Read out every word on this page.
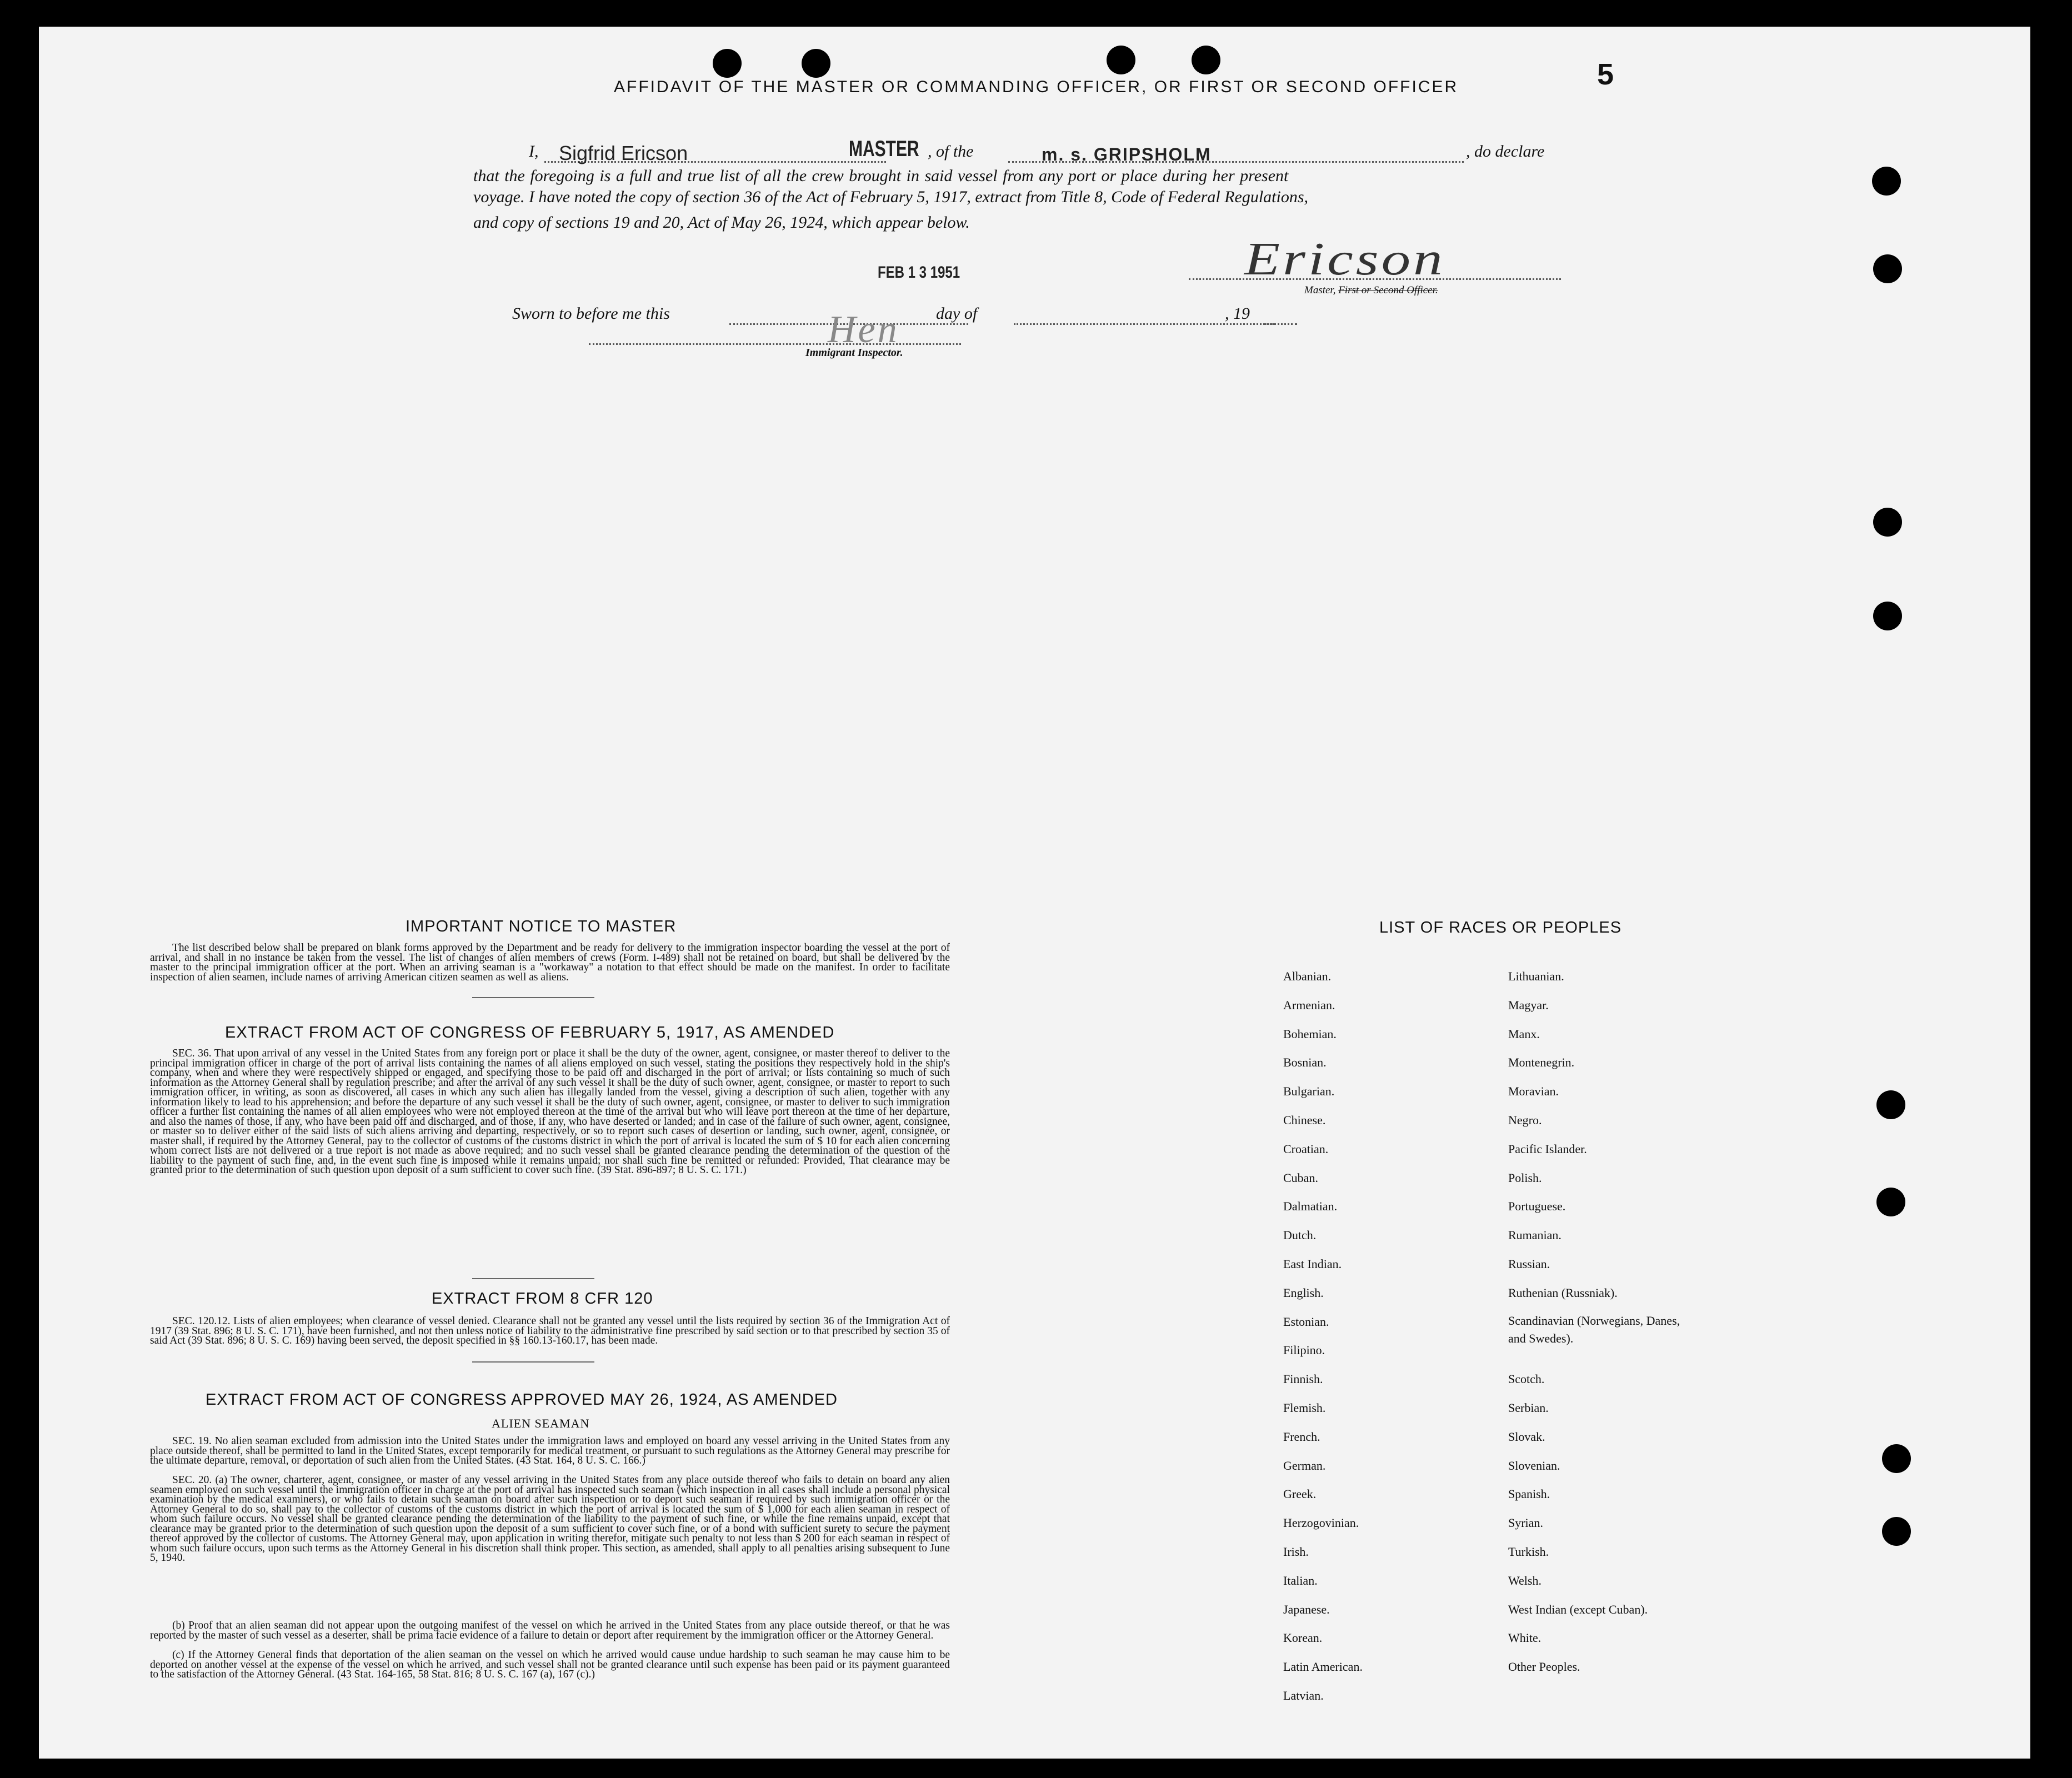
5
AFFIDAVIT OF THE MASTER OR COMMANDING OFFICER, OR FIRST OR SECOND OFFICER
I, Sigfrid Ericson	MASTER , of the	m. s. GRIPSHOLM	, do declare
that the foregoing is a full and true list of all the crew brought in said vessel from any port or place during her present
voyage. I have noted the copy of section 36 of the Act of February 5, 1917, extract from Title 8, Code of Federal Regulations,
and copy of sections 19 and 20, Act of May 26, 1924, which appear below.
Ericson
Master, First or Second Officer.
Sworn to before me this
FEB 1 3 1951
day of	, 19
Hen
Immigrant Inspector.
IMPORTANT NOTICE TO MASTER

The list described below shall be prepared on blank forms approved by the Department and be ready for delivery to the immigration inspector boarding the vessel at the port of arrival, and shall in no instance be taken from the vessel. The list of changes of alien members of crews (Form. I-489) shall not be retained on board, but shall be delivered by the master to the principal immigration officer at the port. When an arriving seaman is a "workaway" a notation to that effect should be made on the manifest. In order to facilitate inspection of alien seamen, include names of arriving American citizen seamen as well as aliens.

EXTRACT FROM ACT OF CONGRESS OF FEBRUARY 5, 1917, AS AMENDED

SEC. 36. That upon arrival of any vessel in the United States from any foreign port or place it shall be the duty of the owner, agent, consignee, or master thereof to deliver to the principal immigration officer in charge of the port of arrival lists containing the names of all aliens employed on such vessel, stating the positions they respectively hold in the ship's company, when and where they were respectively shipped or engaged, and specifying those to be paid off and discharged in the port of arrival; or lists containing so much of such information as the Attorney General shall by regulation prescribe; and after the arrival of any such vessel it shall be the duty of such owner, agent, consignee, or master to report to such immigration officer, in writing, as soon as discovered, all cases in which any such alien has illegally landed from the vessel, giving a description of such alien, together with any information likely to lead to his apprehension; and before the departure of any such vessel it shall be the duty of such owner, agent, consignee, or master to deliver to such immigration officer a further list containing the names of all alien employees who were not employed thereon at the time of the arrival but who will leave port thereon at the time of her departure, and also the names of those, if any, who have been paid off and discharged, and of those, if any, who have deserted or landed; and in case of the failure of such owner, agent, consignee, or master so to deliver either of the said lists of such aliens arriving and departing, respectively, or so to report such cases of desertion or landing, such owner, agent, consignee, or master shall, if required by the Attorney General, pay to the collector of customs of the customs district in which the port of arrival is located the sum of $ 10 for each alien concerning whom correct lists are not delivered or a true report is not made as above required; and no such vessel shall be granted clearance pending the determination of the question of the liability to the payment of such fine, and, in the event such fine is imposed while it remains unpaid; nor shall such fine be remitted or refunded: Provided, That clearance may be granted prior to the determination of such question upon deposit of a sum sufficient to cover such fine. (39 Stat. 896-897; 8 U. S. C. 171.)

EXTRACT FROM 8 CFR 120

SEC. 120.12. Lists of alien employees; when clearance of vessel denied. Clearance shall not be granted any vessel until the lists required by section 36 of the Immigration Act of 1917 (39 Stat. 896; 8 U. S. C. 171), have been furnished, and not then unless notice of liability to the administrative fine prescribed by said section or to that prescribed by section 35 of said Act (39 Stat. 896; 8 U. S. C. 169) having been served, the deposit specified in §§ 160.13-160.17, has been made.

EXTRACT FROM ACT OF CONGRESS APPROVED MAY 26, 1924, AS AMENDED
ALIEN SEAMAN

SEC. 19. No alien seaman excluded from admission into the United States under the immigration laws and employed on board any vessel arriving in the United States from any place outside thereof, shall be permitted to land in the United States, except temporarily for medical treatment, or pursuant to such regulations as the Attorney General may prescribe for the ultimate departure, removal, or deportation of such alien from the United States. (43 Stat. 164, 8 U. S. C. 166.)

SEC. 20. (a) The owner, charterer, agent, consignee, or master of any vessel arriving in the United States from any place outside thereof who fails to detain on board any alien seamen employed on such vessel until the immigration officer in charge at the port of arrival has inspected such seaman (which inspection in all cases shall include a personal physical examination by the medical examiners), or who fails to detain such seaman on board after such inspection or to deport such seaman if required by such immigration officer or the Attorney General to do so, shall pay to the collector of customs of the customs district in which the port of arrival is located the sum of $ 1,000 for each alien seaman in respect of whom such failure occurs. No vessel shall be granted clearance pending the determination of the liability to the payment of such fine, or while the fine remains unpaid, except that clearance may be granted prior to the determination of such question upon the deposit of a sum sufficient to cover such fine, or of a bond with sufficient surety to secure the payment thereof approved by the collector of customs. The Attorney General may, upon application in writing therefor, mitigate such penalty to not less than $ 200 for each seaman in respect of whom such failure occurs, upon such terms as the Attorney General in his discretion shall think proper. This section, as amended, shall apply to all penalties arising subsequent to June 5, 1940.

(b) Proof that an alien seaman did not appear upon the outgoing manifest of the vessel on which he arrived in the United States from any place outside thereof, or that he was reported by the master of such vessel as a deserter, shall be prima facie evidence of a failure to detain or deport after requirement by the immigration officer or the Attorney General.

(c) If the Attorney General finds that deportation of the alien seaman on the vessel on which he arrived would cause undue hardship to such seaman he may cause him to be deported on another vessel at the expense of the vessel on which he arrived, and such vessel shall not be granted clearance until such expense has been paid or its payment guaranteed to the satisfaction of the Attorney General. (43 Stat. 164-165, 58 Stat. 816; 8 U. S. C. 167 (a), 167 (c).)

LIST OF RACES OR PEOPLES
Albanian.
Armenian.
Bohemian.
Bosnian.
Bulgarian.
Chinese.
Croatian.
Cuban.
Dalmatian.
Dutch.
East Indian.
English.
Estonian.
Filipino.
Finnish.
Flemish.
French.
German.
Greek.
Herzogovinian.
Irish.
Italian.
Japanese.
Korean.
Latin American.
Latvian.
Lithuanian.
Magyar.
Manx.
Montenegrin.
Moravian.
Negro.
Pacific Islander.
Polish.
Portuguese.
Rumanian.
Russian.
Ruthenian (Russniak).
Scandinavian (Norwegians, Danes, and Swedes).
Scotch.
Serbian.
Slovak.
Slovenian.
Spanish.
Syrian.
Turkish.
Welsh.
West Indian (except Cuban).
White.
Other Peoples.
